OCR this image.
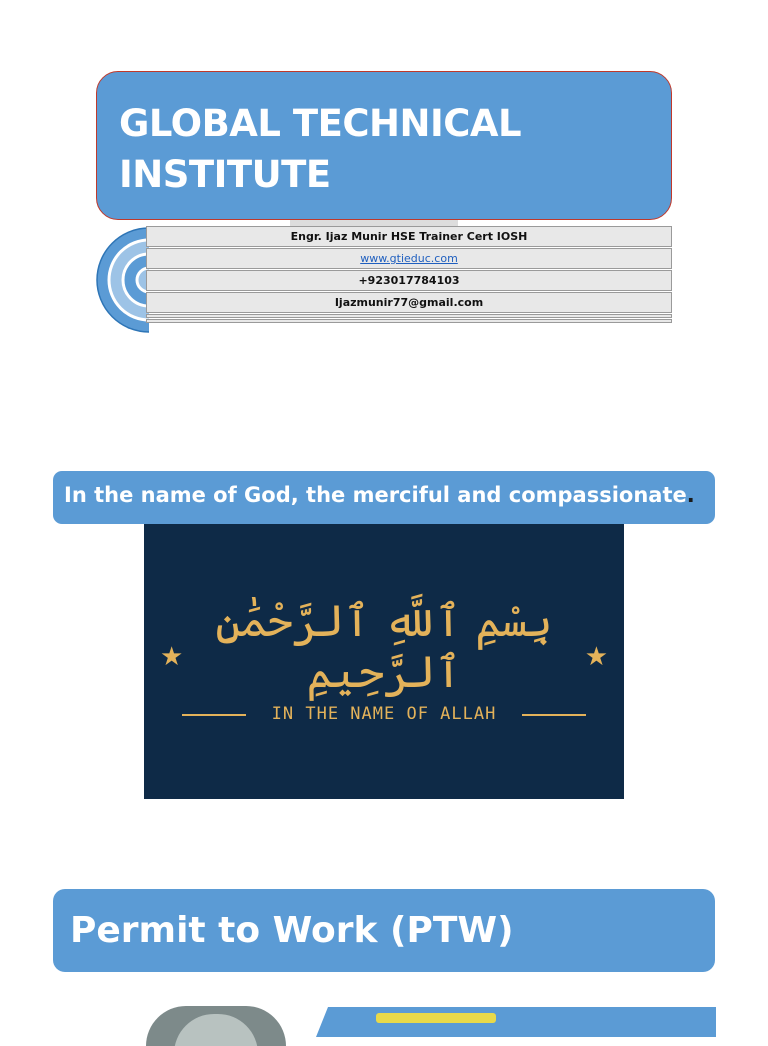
GLOBAL TECHNICAL
INSTITUTE
Engr. Ijaz Munir HSE Trainer Cert IOSH
www.gtieduc.com
+923017784103
Ijazmunir77@gmail.com
In the name of God, the merciful and compassionate.
★
بِسْمِ ٱللَّهِ ٱلرَّحْمَٰنِ ٱلرَّحِيمِ	★
IN THE NAME OF ALLAH
Permit to Work (PTW)
